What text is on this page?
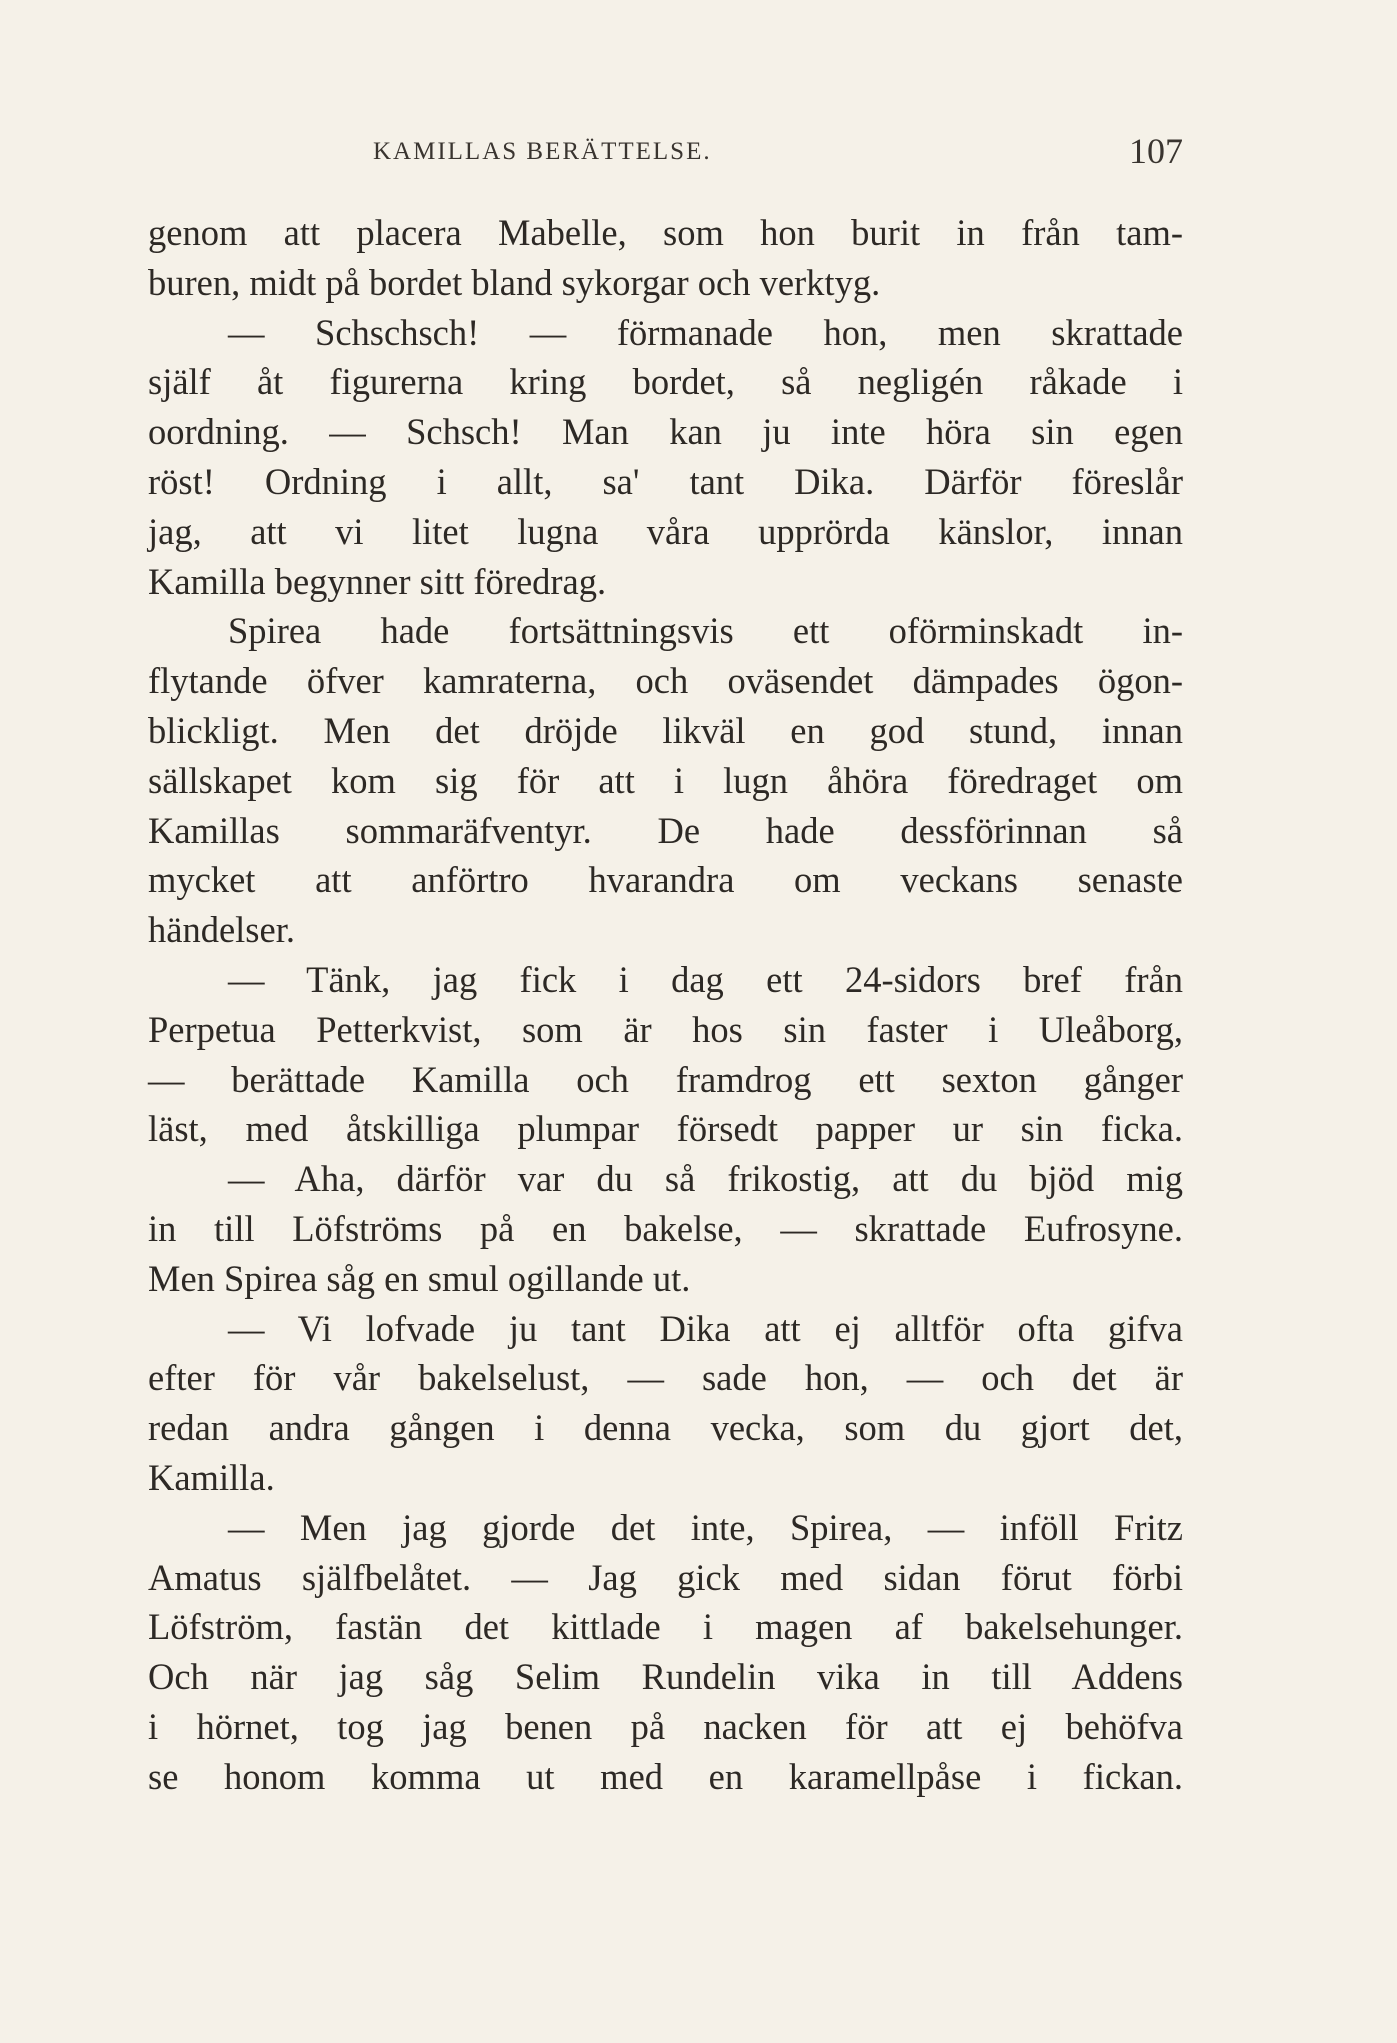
KAMILLAS BERÄTTELSE.	107
genom att placera Mabelle, som hon burit in från tam-
buren, midt på bordet bland sykorgar och verktyg.
— Schschsch! — förmanade hon, men skrattade
själf åt figurerna kring bordet, så negligén råkade i
oordning. — Schsch! Man kan ju inte höra sin egen
röst! Ordning i allt, sa' tant Dika. Därför föreslår
jag, att vi litet lugna våra upprörda känslor, innan
Kamilla begynner sitt föredrag.
Spirea hade fortsättningsvis ett oförminskadt in-
flytande öfver kamraterna, och oväsendet dämpades ögon-
blickligt. Men det dröjde likväl en god stund, innan
sällskapet kom sig för att i lugn åhöra föredraget om
Kamillas sommaräfventyr. De hade dessförinnan så
mycket att anförtro hvarandra om veckans senaste
händelser.
— Tänk, jag fick i dag ett 24-sidors bref från
Perpetua Petterkvist, som är hos sin faster i Uleåborg,
— berättade Kamilla och framdrog ett sexton gånger
läst, med åtskilliga plumpar försedt papper ur sin ficka.
— Aha, därför var du så frikostig, att du bjöd mig
in till Löfströms på en bakelse, — skrattade Eufrosyne.
Men Spirea såg en smul ogillande ut.
— Vi lofvade ju tant Dika att ej alltför ofta gifva
efter för vår bakelselust, — sade hon, — och det är
redan andra gången i denna vecka, som du gjort det,
Kamilla.
— Men jag gjorde det inte, Spirea, — inföll Fritz
Amatus själfbelåtet. — Jag gick med sidan förut förbi
Löfström, fastän det kittlade i magen af bakelsehunger.
Och när jag såg Selim Rundelin vika in till Addens
i hörnet, tog jag benen på nacken för att ej behöfva
se honom komma ut med en karamellpåse i fickan.
